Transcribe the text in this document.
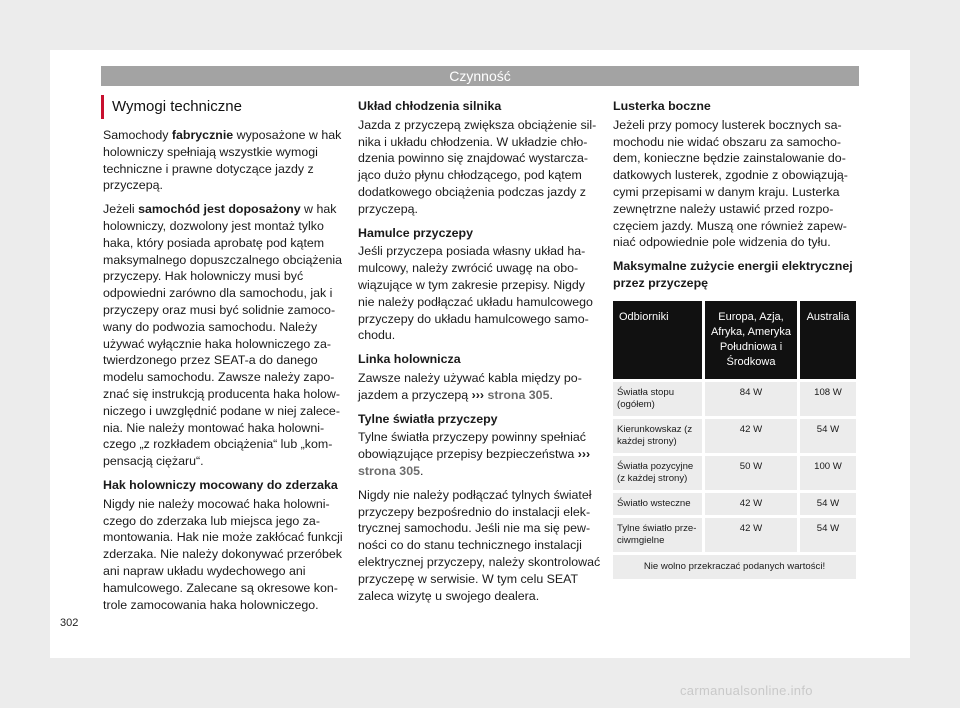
Czynność
Wymogi techniczne

Samochody fabrycznie wyposażone w hak holowniczy spełniają wszystkie wymogi techniczne i prawne dotyczące jazdy z przyczepą.

Jeżeli samochód jest doposażony w hak holowniczy, dozwolony jest montaż tylko haka, który posiada aprobatę pod kątem maksymalnego dopuszczalnego obciążenia przyczepy. Hak holowniczy musi być odpowiedni zarówno dla samochodu, jak i przyczepy oraz musi być solidnie zamocowany do podwozia samochodu. Należy używać wyłącznie haka holowniczego zatwierdzonego przez SEAT-a do danego modelu samochodu. Zawsze należy zapoznać się instrukcją producenta haka holowniczego i uwzględnić podane w niej zalecenia. Nie należy montować haka holowniczego „z rozkładem obciążenia“ lub „kompensacją ciężaru“.

Hak holowniczy mocowany do zderzaka

Nigdy nie należy mocować haka holowniczego do zderzaka lub miejsca jego zamontowania. Hak nie może zakłócać funkcji zderzaka. Nie należy dokonywać przeróbek ani napraw układu wydechowego ani hamulcowego. Zalecane są okresowe kontrole zamocowania haka holowniczego.

Układ chłodzenia silnika

Jazda z przyczepą zwiększa obciążenie silnika i układu chłodzenia. W układzie chłodzenia powinno się znajdować wystarczająco dużo płynu chłodzącego, pod kątem dodatkowego obciążenia podczas jazdy z przyczepą.

Hamulce przyczepy

Jeśli przyczepa posiada własny układ hamulcowy, należy zwrócić uwagę na obowiązujące w tym zakresie przepisy. Nigdy nie należy podłączać układu hamulcowego przyczepy do układu hamulcowego samochodu.

Linka holownicza

Zawsze należy używać kabla między pojazdem a przyczepą ››› strona 305.

Tylne światła przyczepy

Tylne światła przyczepy powinny spełniać obowiązujące przepisy bezpieczeństwa ››› strona 305.

Nigdy nie należy podłączać tylnych świateł przyczepy bezpośrednio do instalacji elektrycznej samochodu. Jeśli nie ma się pewności co do stanu technicznego instalacji elektrycznej przyczepy, należy skontrolować przyczepę w serwisie. W tym celu SEAT zaleca wizytę u swojego dealera.

Lusterka boczne

Jeżeli przy pomocy lusterek bocznych samochodu nie widać obszaru za samochodem, konieczne będzie zainstalowanie dodatkowych lusterek, zgodnie z obowiązującymi przepisami w danym kraju. Lusterka zewnętrzne należy ustawić przed rozpoczęciem jazdy. Muszą one również zapewniać odpowiednie pole widzenia do tyłu.

Maksymalne zużycie energii elektrycznej przez przyczepę
Odbiorniki	Europa, Azja, Afryka, Ameryka Południowa i Środkowa	Australia
Światła stopu (ogółem)	84 W	108 W
Kierunkowskaz (z każdej strony)	42 W	54 W
Światła pozycyjne (z każdej strony)	50 W	100 W
Światło wsteczne	42 W	54 W
Tylne światło przeciwmgielne	42 W	54 W
Nie wolno przekraczać podanych wartości!		
302
carmanualsonline.info
